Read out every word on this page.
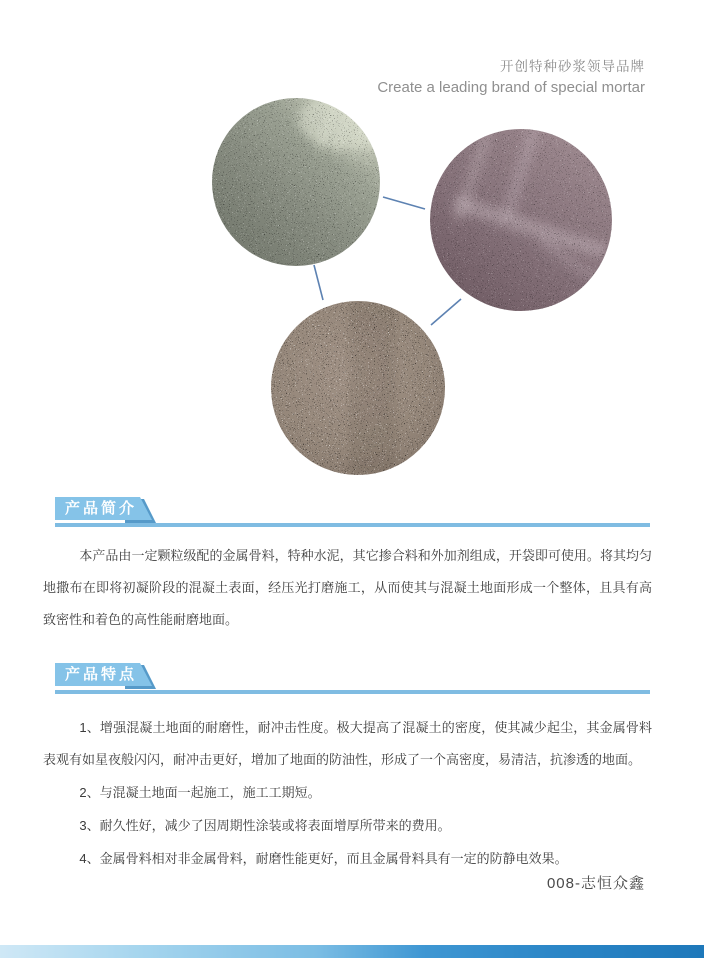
开创特种砂浆领导品牌
Create a leading brand of special mortar
产品简介

本产品由一定颗粒级配的金属骨料，特种水泥，其它掺合料和外加剂组成，开袋即可使用。将其均匀地撒布在即将初凝阶段的混凝土表面，经压光打磨施工，从而使其与混凝土地面形成一个整体，且具有高致密性和着色的高性能耐磨地面。

产品特点

1、增强混凝土地面的耐磨性，耐冲击性度。极大提高了混凝土的密度，使其减少起尘，其金属骨料表观有如星夜般闪闪，耐冲击更好，增加了地面的防油性，形成了一个高密度，易清洁，抗渗透的地面。

2、与混凝土地面一起施工，施工工期短。

3、耐久性好，减少了因周期性涂装或将表面增厚所带来的费用。

4、金属骨料相对非金属骨料，耐磨性能更好，而且金属骨料具有一定的防静电效果。

008-志恒众鑫
